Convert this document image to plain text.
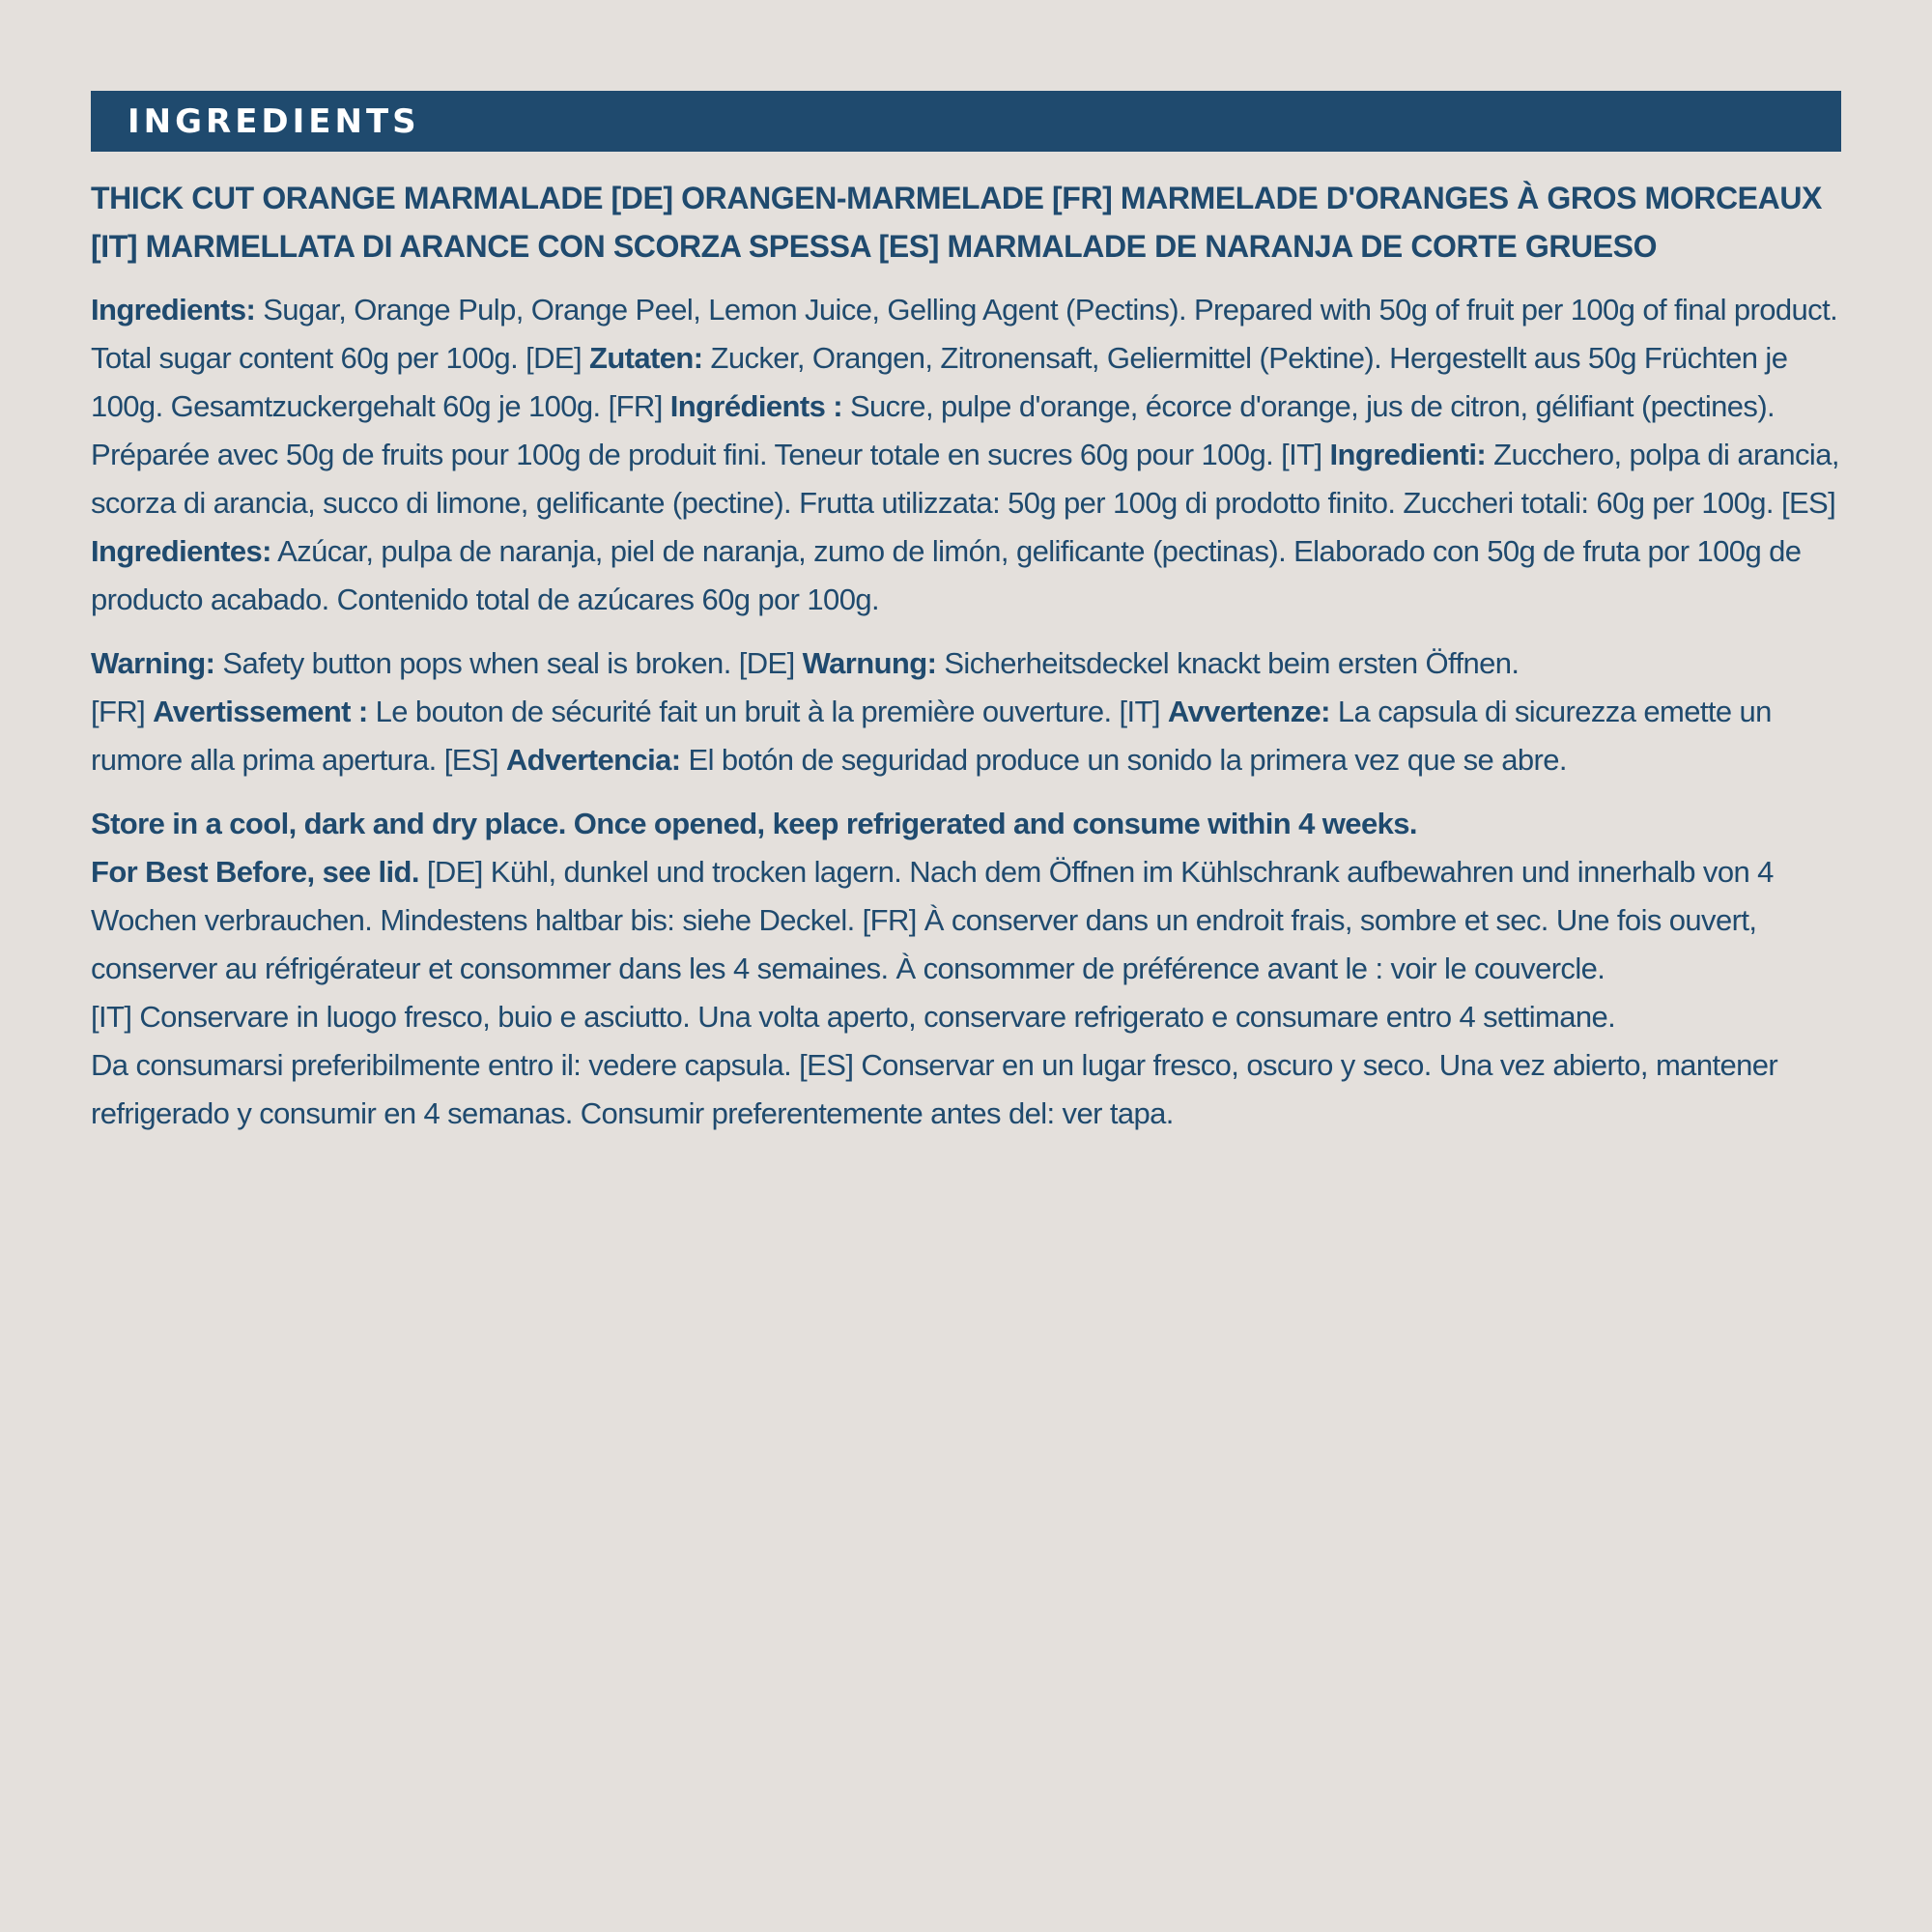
INGREDIENTS
THICK CUT ORANGE MARMALADE [DE] ORANGEN-MARMELADE [FR] MARMELADE D'ORANGES À GROS MORCEAUX
[IT] MARMELLATA DI ARANCE CON SCORZA SPESSA [ES] MARMALADE DE NARANJA DE CORTE GRUESO
Ingredients: Sugar, Orange Pulp, Orange Peel, Lemon Juice, Gelling Agent (Pectins). Prepared with 50g of fruit per 100g of final product. Total sugar content 60g per 100g. [DE] Zutaten: Zucker, Orangen, Zitronensaft, Geliermittel (Pektine). Hergestellt aus 50g Früchten je 100g. Gesamtzuckergehalt 60g je 100g. [FR] Ingrédients : Sucre, pulpe d'orange, écorce d'orange, jus de citron, gélifiant (pectines). Préparée avec 50g de fruits pour 100g de produit fini. Teneur totale en sucres 60g pour 100g. [IT] Ingredienti: Zucchero, polpa di arancia, scorza di arancia, succo di limone, gelificante (pectine). Frutta utilizzata: 50g per 100g di prodotto finito. Zuccheri totali: 60g per 100g. [ES] Ingredientes: Azúcar, pulpa de naranja, piel de naranja, zumo de limón, gelificante (pectinas). Elaborado con 50g de fruta por 100g de producto acabado. Contenido total de azúcares 60g por 100g.
Warning: Safety button pops when seal is broken. [DE] Warnung: Sicherheitsdeckel knackt beim ersten Öffnen.
[FR] Avertissement : Le bouton de sécurité fait un bruit à la première ouverture. [IT] Avvertenze: La capsula di sicurezza emette un rumore alla prima apertura. [ES] Advertencia: El botón de seguridad produce un sonido la primera vez que se abre.
Store in a cool, dark and dry place. Once opened, keep refrigerated and consume within 4 weeks.
For Best Before, see lid. [DE] Kühl, dunkel und trocken lagern. Nach dem Öffnen im Kühlschrank aufbewahren und innerhalb von 4 Wochen verbrauchen. Mindestens haltbar bis: siehe Deckel. [FR] À conserver dans un endroit frais, sombre et sec. Une fois ouvert, conserver au réfrigérateur et consommer dans les 4 semaines. À consommer de préférence avant le : voir le couvercle.
[IT] Conservare in luogo fresco, buio e asciutto. Una volta aperto, conservare refrigerato e consumare entro 4 settimane.
Da consumarsi preferibilmente entro il: vedere capsula. [ES] Conservar en un lugar fresco, oscuro y seco. Una vez abierto, mantener refrigerado y consumir en 4 semanas. Consumir preferentemente antes del: ver tapa.
